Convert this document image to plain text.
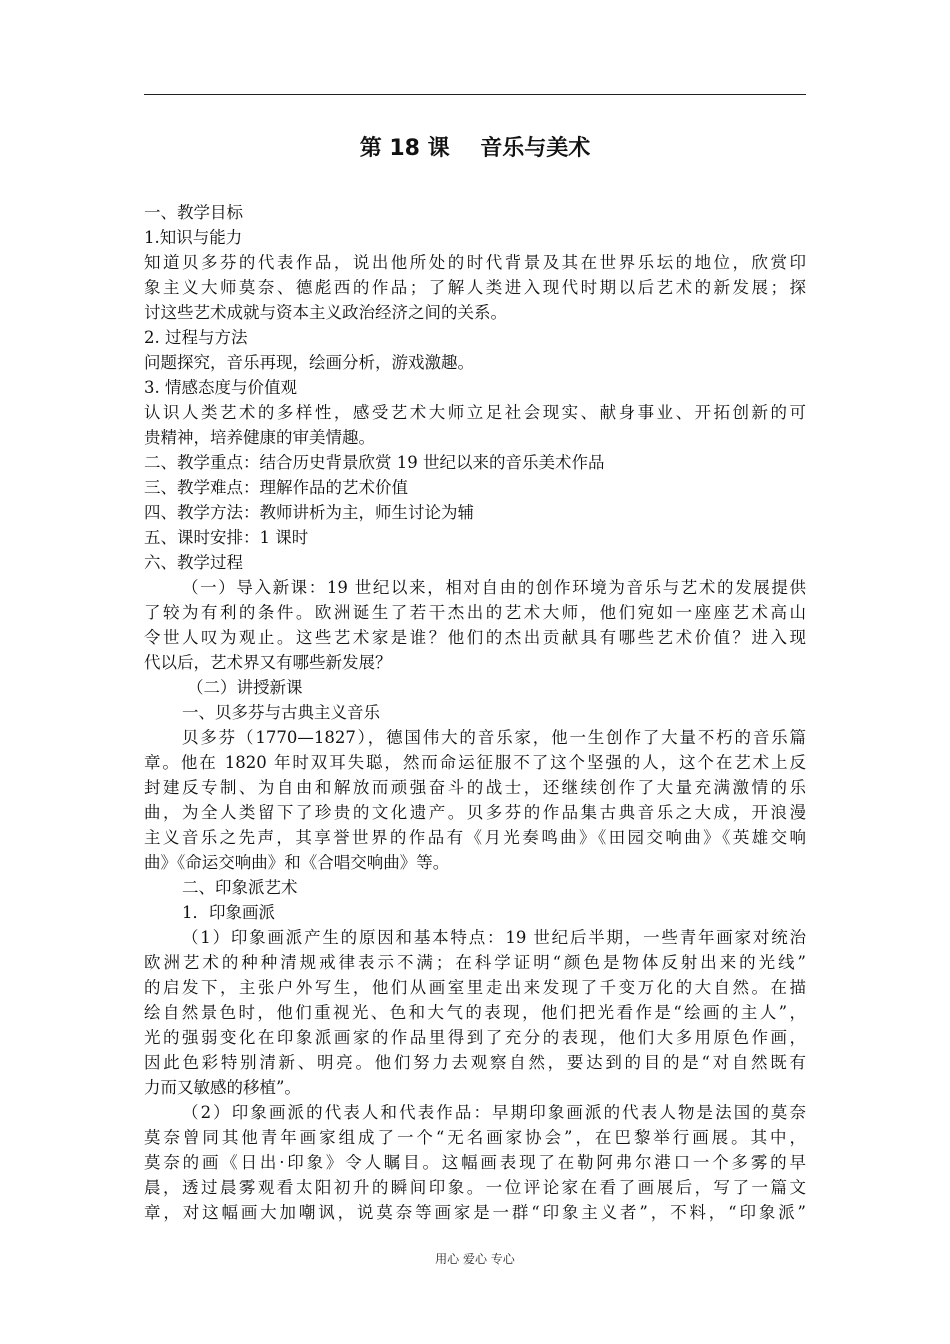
第 18 课    音乐与美术
一、教学目标
1.知识与能力
知道贝多芬的代表作品，说出他所处的时代背景及其在世界乐坛的地位，欣赏印
象主义大师莫奈、德彪西的作品；了解人类进入现代时期以后艺术的新发展；探
讨这些艺术成就与资本主义政治经济之间的关系。
2. 过程与方法
问题探究，音乐再现，绘画分析，游戏激趣。
3. 情感态度与价值观
认识人类艺术的多样性，感受艺术大师立足社会现实、献身事业、开拓创新的可
贵精神，培养健康的审美情趣。
二、教学重点：结合历史背景欣赏 19 世纪以来的音乐美术作品
三、教学难点：理解作品的艺术价值
四、教学方法：教师讲析为主，师生讨论为辅
五、课时安排：1 课时
六、教学过程
（一）导入新课：19 世纪以来，相对自由的创作环境为音乐与艺术的发展提供
了较为有利的条件。欧洲诞生了若干杰出的艺术大师，他们宛如一座座艺术高山
令世人叹为观止。这些艺术家是谁？他们的杰出贡献具有哪些艺术价值？进入现
代以后，艺术界又有哪些新发展？
（二）讲授新课
一、贝多芬与古典主义音乐
贝多芬（1770—1827），德国伟大的音乐家，他一生创作了大量不朽的音乐篇
章。他在 1820 年时双耳失聪，然而命运征服不了这个坚强的人，这个在艺术上反
封建反专制、为自由和解放而顽强奋斗的战士，还继续创作了大量充满激情的乐
曲，为全人类留下了珍贵的文化遗产。贝多芬的作品集古典音乐之大成，开浪漫
主义音乐之先声，其享誉世界的作品有《月光奏鸣曲》《田园交响曲》《英雄交响
曲》《命运交响曲》和《合唱交响曲》等。
二、印象派艺术
1．印象画派
（1）印象画派产生的原因和基本特点：19 世纪后半期，一些青年画家对统治
欧洲艺术的种种清规戒律表示不满；在科学证明“颜色是物体反射出来的光线”
的启发下，主张户外写生，他们从画室里走出来发现了千变万化的大自然。在描
绘自然景色时，他们重视光、色和大气的表现，他们把光看作是“绘画的主人”，
光的强弱变化在印象派画家的作品里得到了充分的表现，他们大多用原色作画，
因此色彩特别清新、明亮。他们努力去观察自然，要达到的目的是“对自然既有
力而又敏感的移植”。
（2）印象画派的代表人和代表作品：早期印象画派的代表人物是法国的莫奈
莫奈曾同其他青年画家组成了一个“无名画家协会”，在巴黎举行画展。其中，
莫奈的画《日出·印象》令人瞩目。这幅画表现了在勒阿弗尔港口一个多雾的早
晨，透过晨雾观看太阳初升的瞬间印象。一位评论家在看了画展后，写了一篇文
章，对这幅画大加嘲讽，说莫奈等画家是一群“印象主义者”，不料，“印象派”
用心 爱心 专心
